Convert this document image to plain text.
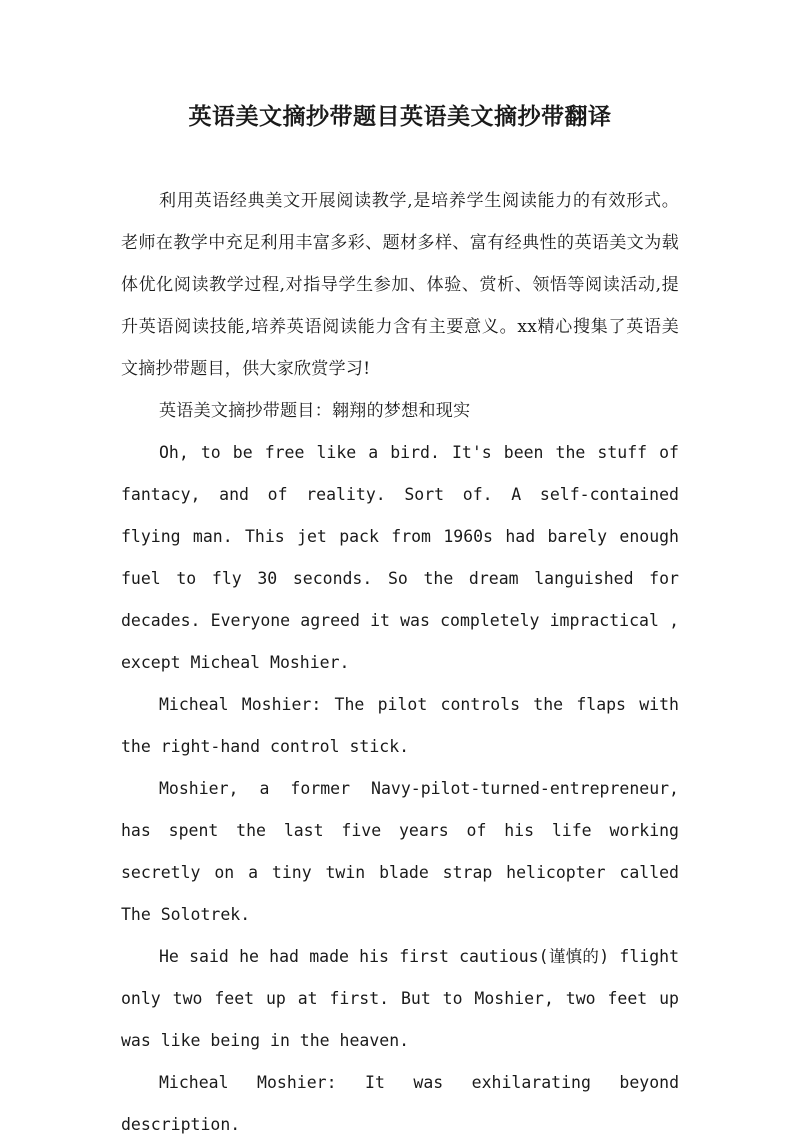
英语美文摘抄带题目英语美文摘抄带翻译

利用英语经典美文开展阅读教学,是培养学生阅读能力的有效形式。老师在教学中充足利用丰富多彩、题材多样、富有经典性的英语美文为载体优化阅读教学过程,对指导学生参加、体验、赏析、领悟等阅读活动,提升英语阅读技能,培养英语阅读能力含有主要意义。xx精心搜集了英语美文摘抄带题目，供大家欣赏学习!

英语美文摘抄带题目：翱翔的梦想和现实

Oh, to be free like a bird. It's been the stuff of fantacy, and of reality. Sort of. A self-contained flying man. This jet pack from 1960s had barely enough fuel to fly 30 seconds. So the dream languished for decades. Everyone agreed it was completely impractical , except Micheal Moshier.

Micheal Moshier: The pilot controls the flaps with the right-hand control stick.

Moshier, a former Navy-pilot-turned-entrepreneur, has spent the last five years of his life working secretly on a tiny twin blade strap helicopter called The Solotrek.

He said he had made his first cautious(谨慎的) flight only two feet up at first. But to Moshier, two feet up was like being in the heaven.

Micheal Moshier: It was exhilarating beyond description.
